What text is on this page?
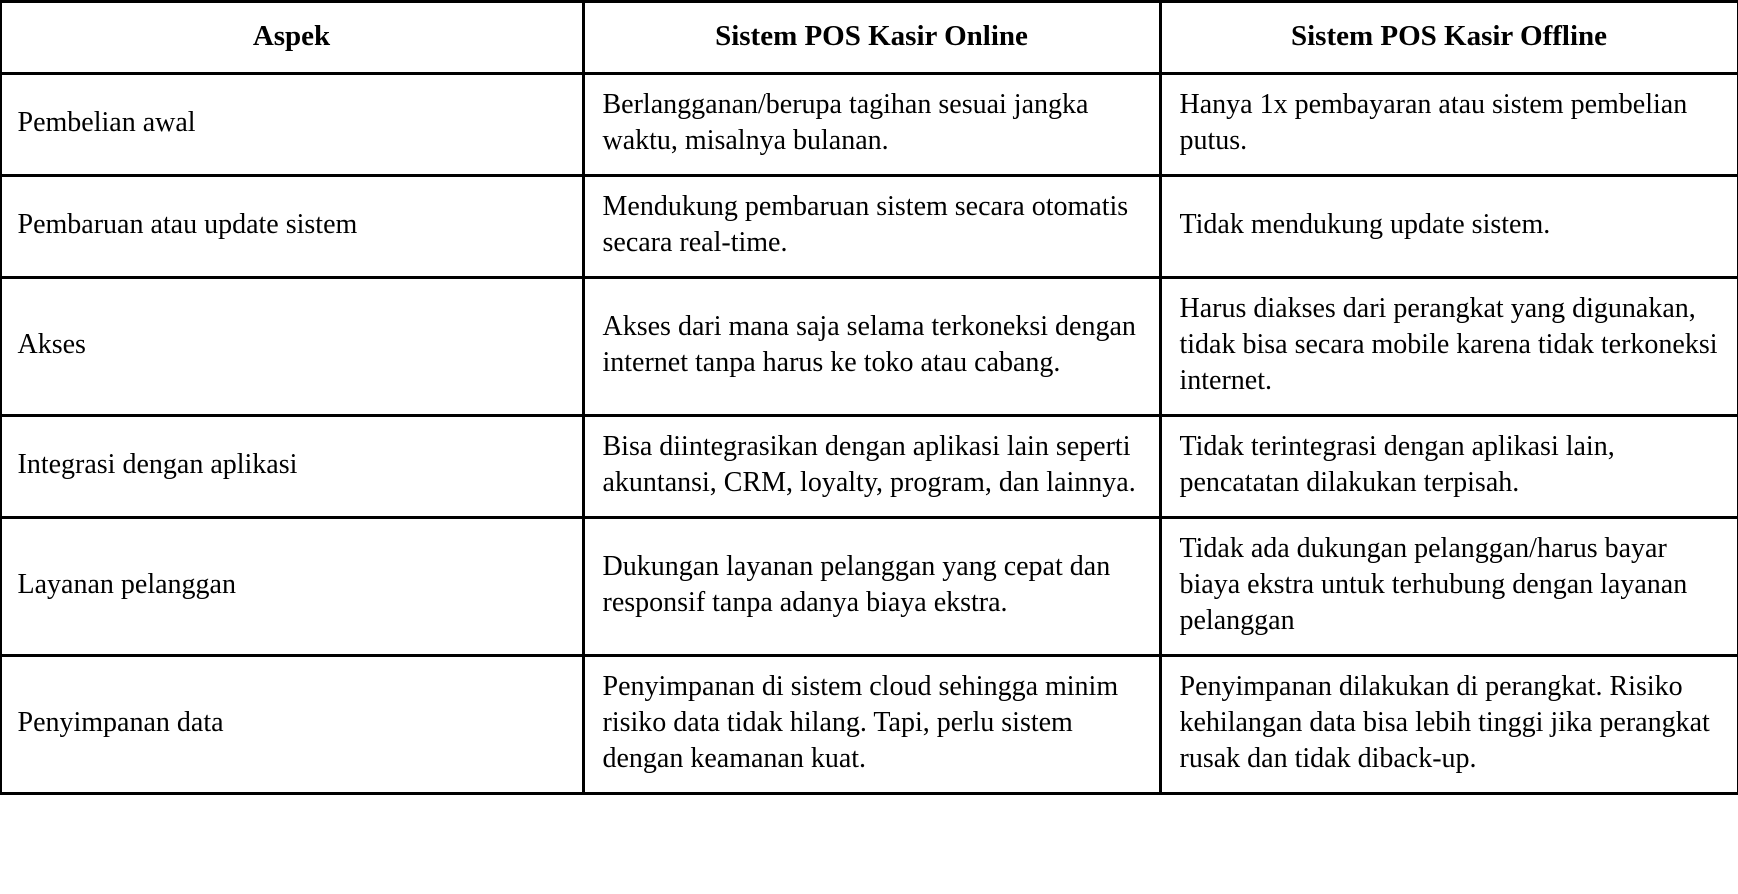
Aspek	Sistem POS Kasir Online	Sistem POS Kasir Offline
Pembelian awal	Berlangganan/berupa tagihan sesuai jangka waktu, misalnya bulanan.	Hanya 1x pembayaran atau sistem pembelian putus.
Pembaruan atau update sistem	Mendukung pembaruan sistem secara otomatis secara real-time.	Tidak mendukung update sistem.
Akses	Akses dari mana saja selama terkoneksi dengan internet tanpa harus ke toko atau cabang.	Harus diakses dari perangkat yang digunakan, tidak bisa secara mobile karena tidak terkoneksi internet.
Integrasi dengan aplikasi	Bisa diintegrasikan dengan aplikasi lain seperti akuntansi, CRM, loyalty, program, dan lainnya.	Tidak terintegrasi dengan aplikasi lain, pencatatan dilakukan terpisah.
Layanan pelanggan	Dukungan layanan pelanggan yang cepat dan responsif tanpa adanya biaya ekstra.	Tidak ada dukungan pelanggan/harus bayar biaya ekstra untuk terhubung dengan layanan pelanggan
Penyimpanan data	Penyimpanan di sistem cloud sehingga minim risiko data tidak hilang. Tapi, perlu sistem dengan keamanan kuat.	Penyimpanan dilakukan di perangkat. Risiko kehilangan data bisa lebih tinggi jika perangkat rusak dan tidak diback-up.
